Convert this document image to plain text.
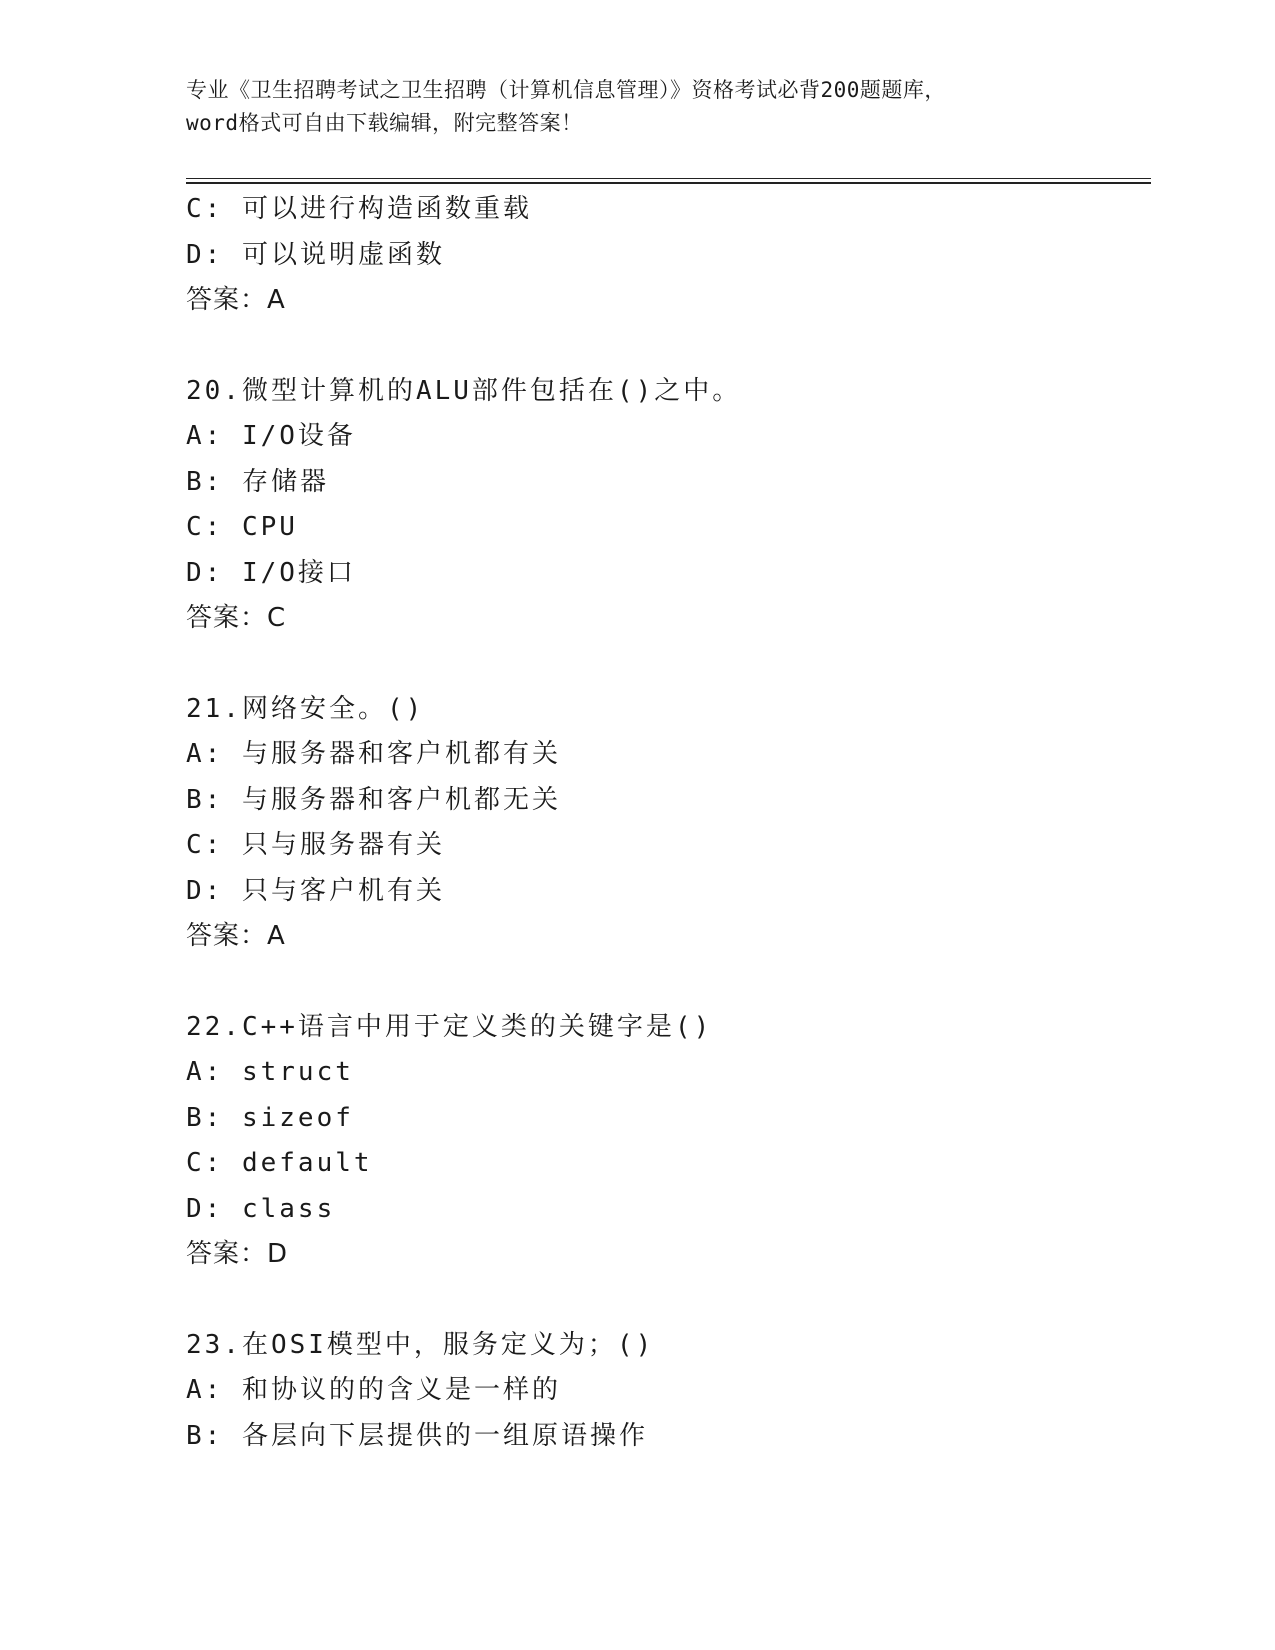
专业《卫生招聘考试之卫生招聘（计算机信息管理）》资格考试必背200题题库，
word格式可自由下载编辑，附完整答案！
C: 可以进行构造函数重载
D: 可以说明虚函数
答案：A
20.微型计算机的ALU部件包括在()之中。
A: I/O设备
B: 存储器
C: CPU
D: I/O接口
答案：C
21.网络安全。()
A: 与服务器和客户机都有关
B: 与服务器和客户机都无关
C: 只与服务器有关
D: 只与客户机有关
答案：A
22.C++语言中用于定义类的关键字是()
A: struct
B: sizeof
C: default
D: class
答案：D
23.在OSI模型中，服务定义为；()
A: 和协议的的含义是一样的
B: 各层向下层提供的一组原语操作
